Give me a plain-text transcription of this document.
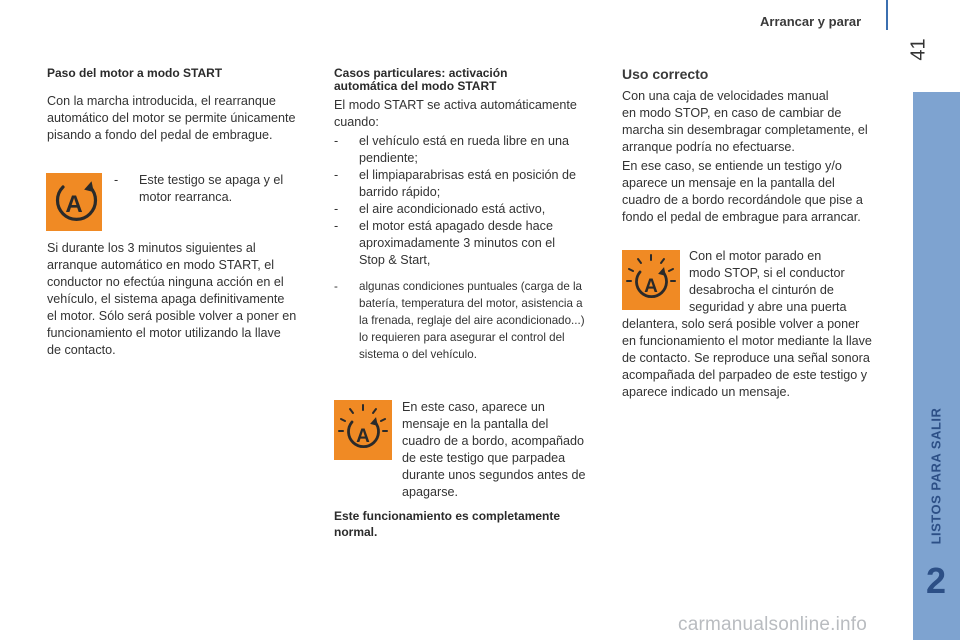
Arrancar y parar
41
LISTOS PARA SALIR
2
Paso del motor a modo START
Con la marcha introducida, el rearranque
automático del motor se permite únicamente
pisando a fondo del pedal de embrague.
A
- Este testigo se apaga y el
motor rearranca.
Si durante los 3 minutos siguientes al
arranque automático en modo START, el
conductor no efectúa ninguna acción en el
vehículo, el sistema apaga definitivamente
el motor. Sólo será posible volver a poner en
funcionamiento el motor utilizando la llave
de contacto.
Casos particulares: activación
automática del modo START
El modo START se activa automáticamente
cuando:
- el vehículo está en rueda libre en una
pendiente;
- el limpiaparabrisas está en posición de
barrido rápido;
- el aire acondicionado está activo,
- el motor está apagado desde hace
aproximadamente 3 minutos con el
Stop & Start,
- algunas condiciones puntuales (carga de la
batería, temperatura del motor, asistencia a
la frenada, reglaje del aire acondicionado...)
lo requieren para asegurar el control del
sistema o del vehículo.
A
En este caso, aparece un
mensaje en la pantalla del
cuadro de a bordo, acompañado
de este testigo que parpadea
durante unos segundos antes de
apagarse.
Este funcionamiento es completamente
normal.
Uso correcto
Con una caja de velocidades manual
en modo STOP, en caso de cambiar de
marcha sin desembragar completamente, el
arranque podría no efectuarse.
En ese caso, se entiende un testigo y/o
aparece un mensaje en la pantalla del
cuadro de a bordo recordándole que pise a
fondo el pedal de embrague para arrancar.
A
Con el motor parado en
modo STOP, si el conductor
desabrocha el cinturón de
seguridad y abre una puerta
delantera, solo será posible volver a poner
en funcionamiento el motor mediante la llave
de contacto. Se reproduce una señal sonora
acompañada del parpadeo de este testigo y
aparece indicado un mensaje.
carmanualsonline.info
